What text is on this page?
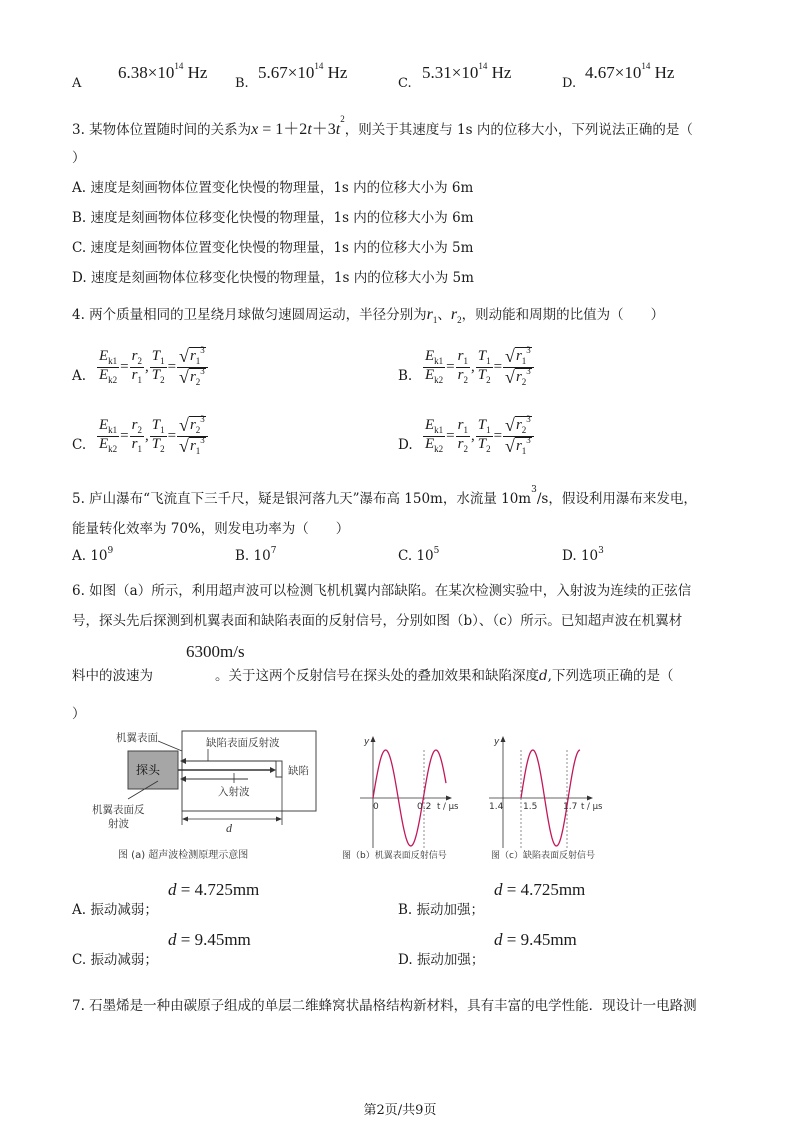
A
$6.38\times 10^{14}$ Hz
B.
$5.67\times 10^{14}$ Hz
C.
$5.31\times 10^{14}$ Hz
D.
$4.67\times 10^{14}$ Hz
3. 某物体位置随时间的关系为$x = 1+2t+3t^2$，则关于其速度与 1s 内的位移大小，下列说法正确的是（
）
A. 速度是刻画物体位置变化快慢的物理量，1s 内的位移大小为 6m
B. 速度是刻画物体位移变化快慢的物理量，1s 内的位移大小为 6m
C. 速度是刻画物体位置变化快慢的物理量，1s 内的位移大小为 5m
D. 速度是刻画物体位移变化快慢的物理量，1s 内的位移大小为 5m
4. 两个质量相同的卫星绕月球做匀速圆周运动，半径分别为$r_1$、$r_2$，则动能和周期的比值为（　　）
A. $\frac{E_{k1}}{E_{k2}} = \frac{r_2}{r_1}$ , $\frac{T_1}{T_2} = \frac{√ r_1^3}{√ r_2^3}$	B. $\frac{E_{k1}}{E_{k2}} = \frac{r_1}{r_2}$ , $\frac{T_1}{T_2} = \frac{√ r_1^3}{√ r_2^3}$
C. $\frac{E_{k1}}{E_{k2}} = \frac{r_2}{r_1}$ , $\frac{T_1}{T_2} = \frac{√ r_2^3}{√ r_1^3}$	D. $\frac{E_{k1}}{E_{k2}} = \frac{r_1}{r_2}$ , $\frac{T_1}{T_2} = \frac{√ r_2^3}{√ r_1^3}$
5. 庐山瀑布“飞流直下三千尺，疑是银河落九天”瀑布高 150m，水流量 $10m^3/s$，假设利用瀑布来发电，
能量转化效率为 70%，则发电功率为（　　）
A. $10^9$	B. $10^7$	C. $10^5$	D. $10^3$
6. 如图（a）所示，利用超声波可以检测飞机机翼内部缺陷。在某次检测实验中，入射波为连续的正弦信
号，探头先后探测到机翼表面和缺陷表面的反射信号，分别如图（b）、（c）所示。已知超声波在机翼材
6300m/s
料中的波速为	。关于这两个反射信号在探头处的叠加效果和缺陷深度d,下列选项正确的是（
）
机翼表面	缺陷表面反射波
探头	缺陷
入射波
机翼表面反
射波	d
图 (a) 超声波检测原理示意图
y
0	0.2 t / μs
图（b）机翼表面反射信号
y
1.4 1.5	1.7 t / μs
图（c）缺陷表面反射信号
A. 振动减弱；
d = 4.725mm
B. 振动加强；
d = 4.725mm
C. 振动减弱；
d = 9.45mm
D. 振动加强；
d = 9.45mm
7. 石墨烯是一种由碳原子组成的单层二维蜂窝状晶格结构新材料，具有丰富的电学性能．现设计一电路测
第2页/共9页
